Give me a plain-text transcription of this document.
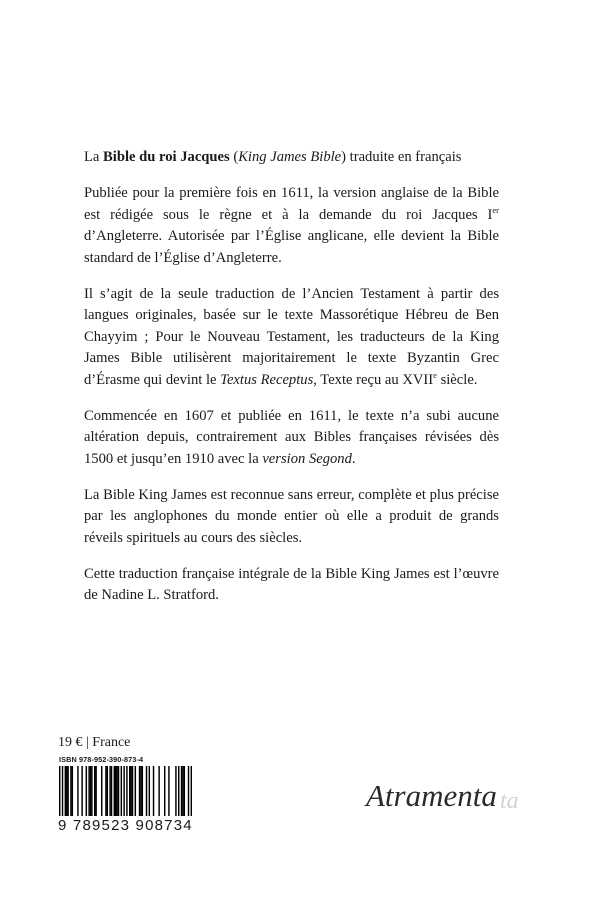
La Bible du roi Jacques (King James Bible) traduite en français

Publiée pour la première fois en 1611, la version anglaise de la Bible est rédigée sous le règne et à la demande du roi Jacques Ier d’Angleterre. Autorisée par l’Église anglicane, elle devient la Bible standard de l’Église d’Angleterre.

Il s’agit de la seule traduction de l’Ancien Testament à partir des langues originales, basée sur le texte Massorétique Hébreu de Ben Chayyim ; Pour le Nouveau Testament, les traducteurs de la King James Bible utilisèrent majoritairement le texte Byzantin Grec d’Érasme qui devint le Textus Receptus, Texte reçu au XVIIe siècle.

Commencée en 1607 et publiée en 1611, le texte n’a subi aucune altération depuis, contrairement aux Bibles françaises révisées dès 1500 et jusqu’en 1910 avec la version Segond.

La Bible King James est reconnue sans erreur, complète et plus précise par les anglophones du monde entier où elle a produit de grands réveils spirituels au cours des siècles.

Cette traduction française intégrale de la Bible King James est l’œuvre de Nadine L. Stratford.

19 € | France
ISBN 978-952-390-873-4
9 789523 908734
Atramenta ta
